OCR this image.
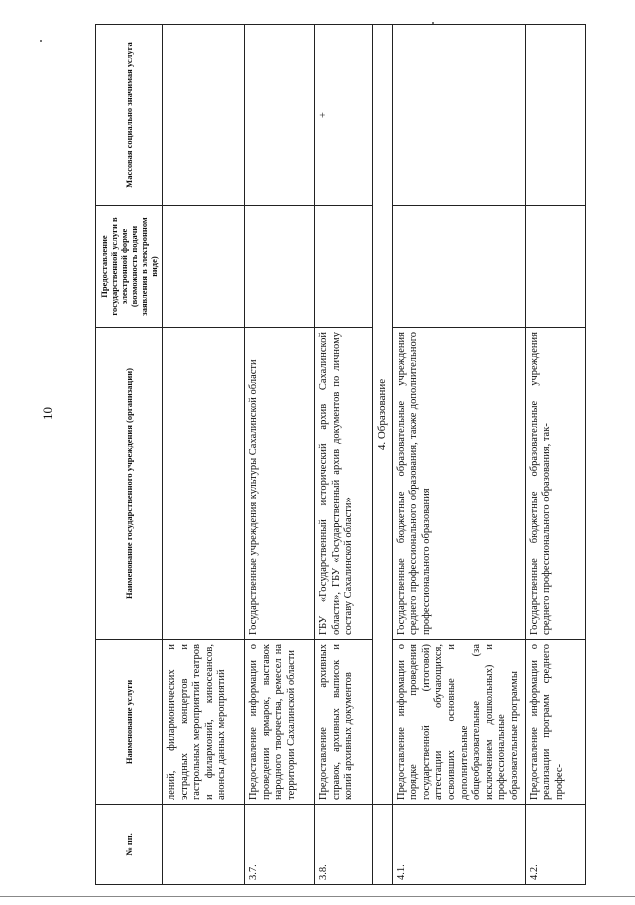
10
№ пп.	Наименование услуги	Наименование государственного учреждения (организации)	Предоставление государственной услуги в электронной форме (возможность подачи заявления в электронном виде)	Массовая социально значимая услуга
	лений, филармонических и эстрадных концертов и гастрольных мероприятий театров и филармоний, киносеансов, анонсы данных мероприятий			
3.7.	Предоставление информации о проведении ярмарок, выставок народного творчества, ремесел на территории Сахалинской области	Государственные учреждения культуры Сахалинской области		
3.8.	Предоставление архивных справок, архивных выписок и копий архивных документов	ГБУ «Государственный исторический архив Сахалинской области», ГБУ «Государственный архив документов по личному составу Сахалинской области»		+
	4. Образование			
4.1.	Предоставление информации о порядке проведения государственной (итоговой) аттестации обучающихся, освоивших основные и дополнительные общеобразовательные (за исключением дошкольных) и профессиональные образовательные программы	Государственные бюджетные образовательные учреждения среднего профессионального образования, также дополнительного профессионального образования		
4.2.	Предоставление информации о реализации программ среднего профес-	Государственные бюджетные образовательные учреждения среднего профессионального образования, так-		
